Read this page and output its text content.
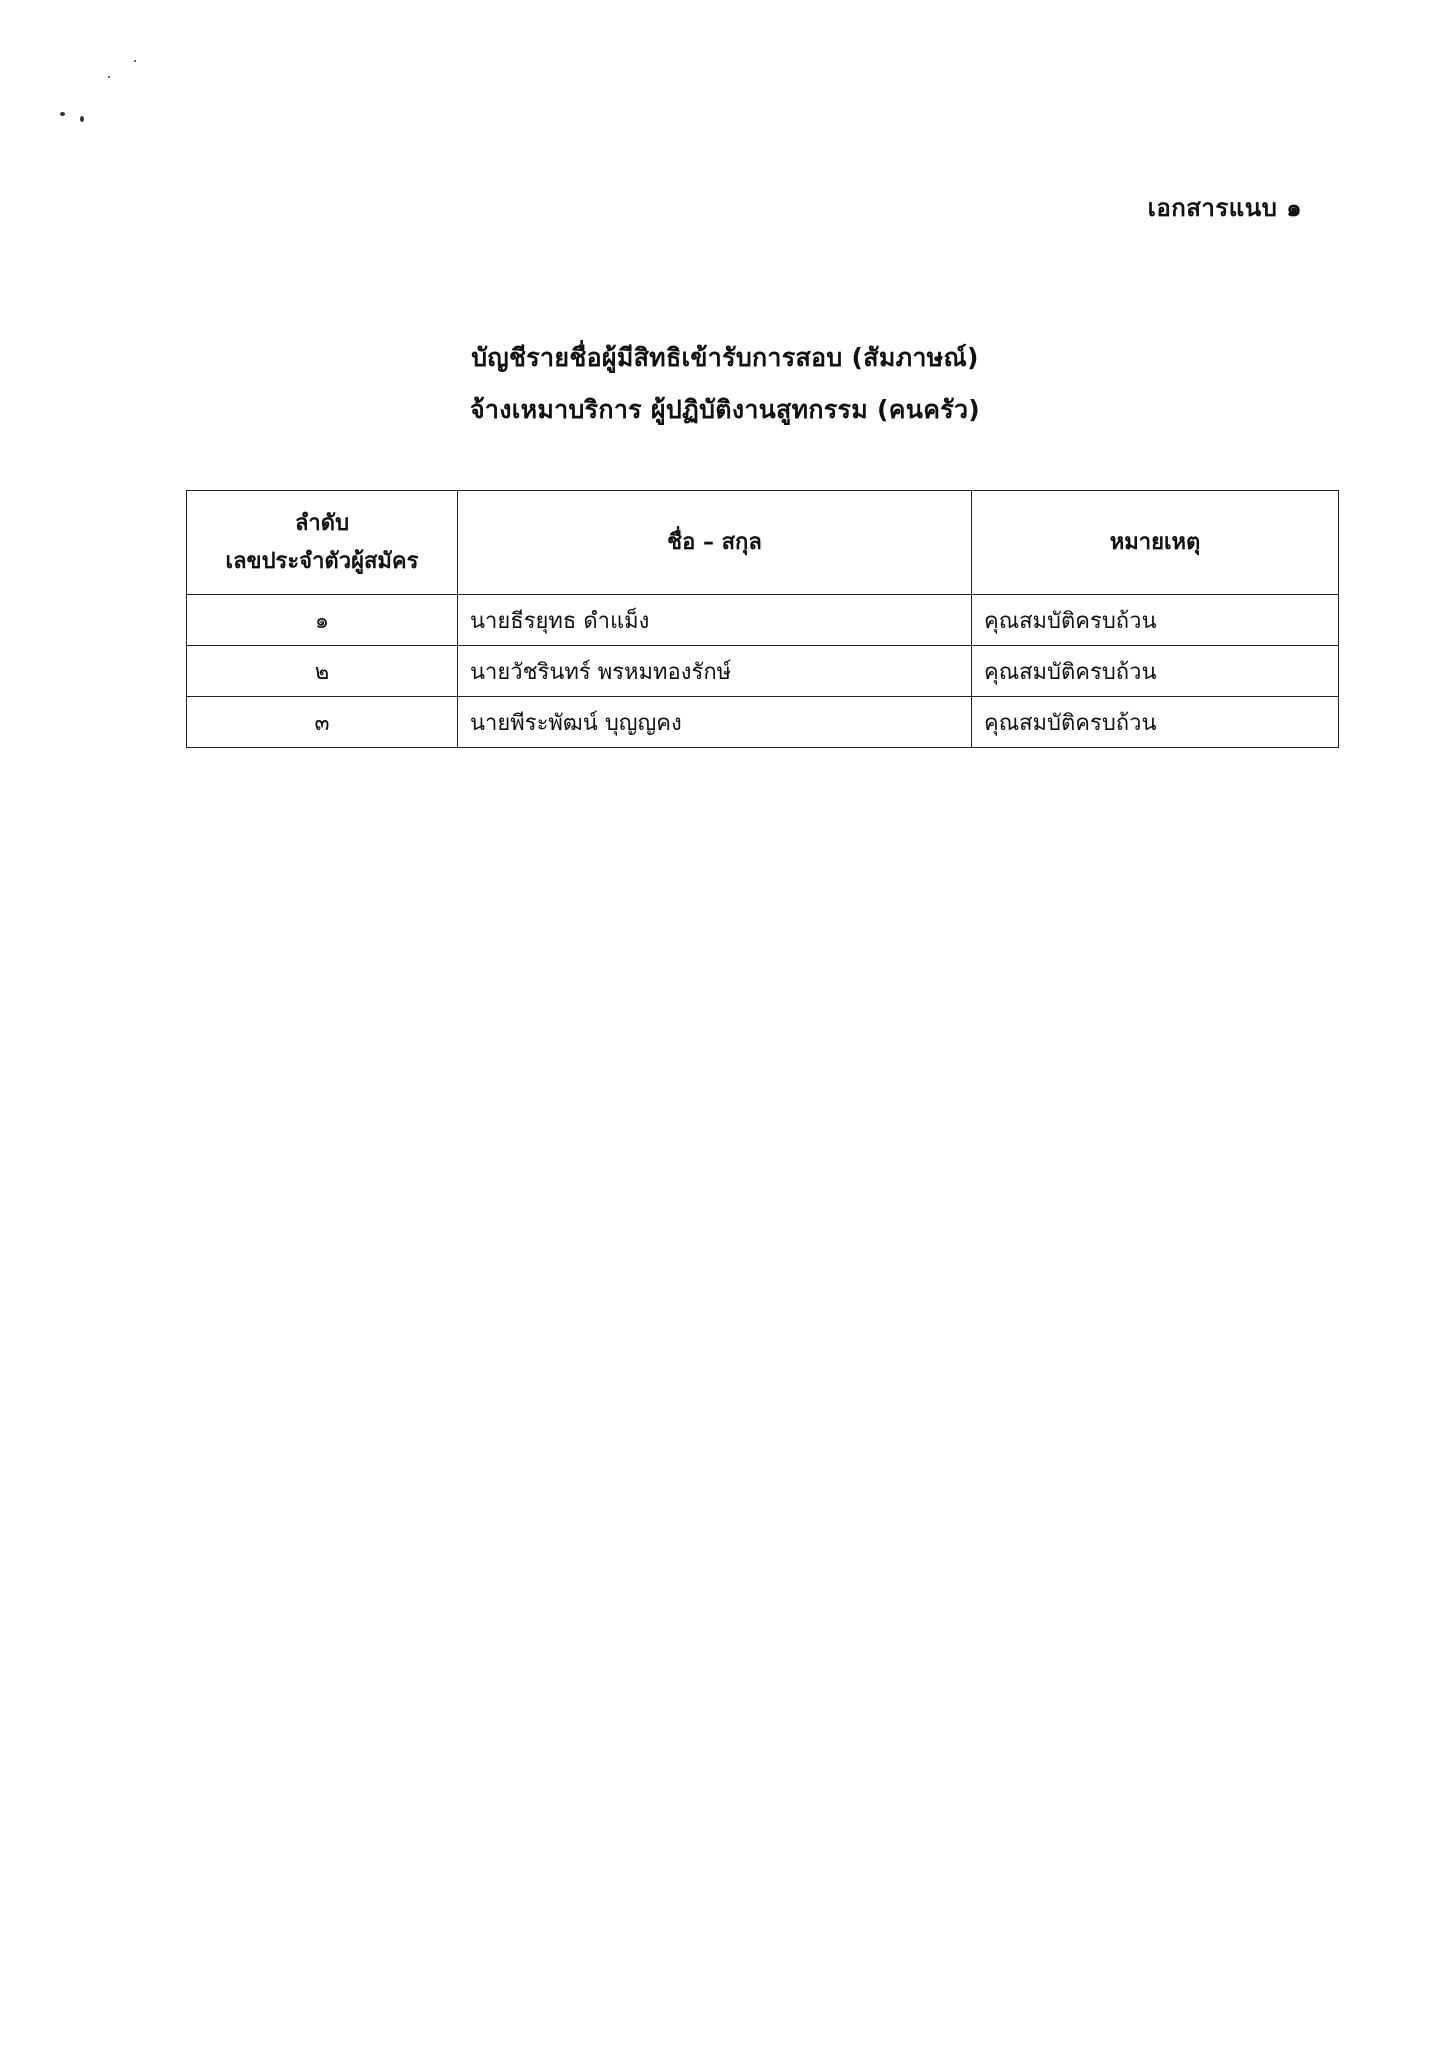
เอกสารแนบ ๑
บัญชีรายชื่อผู้มีสิทธิเข้ารับการสอบ (สัมภาษณ์)
จ้างเหมาบริการ ผู้ปฏิบัติงานสูทกรรม (คนครัว)
ลำดับ
เลขประจำตัวผู้สมัคร	ชื่อ – สกุล	หมายเหตุ
๑	นายธีรยุทธ ดำแม็ง	คุณสมบัติครบถ้วน
๒	นายวัชรินทร์ พรหมทองรักษ์	คุณสมบัติครบถ้วน
๓	นายพีระพัฒน์ บุญญคง	คุณสมบัติครบถ้วน
